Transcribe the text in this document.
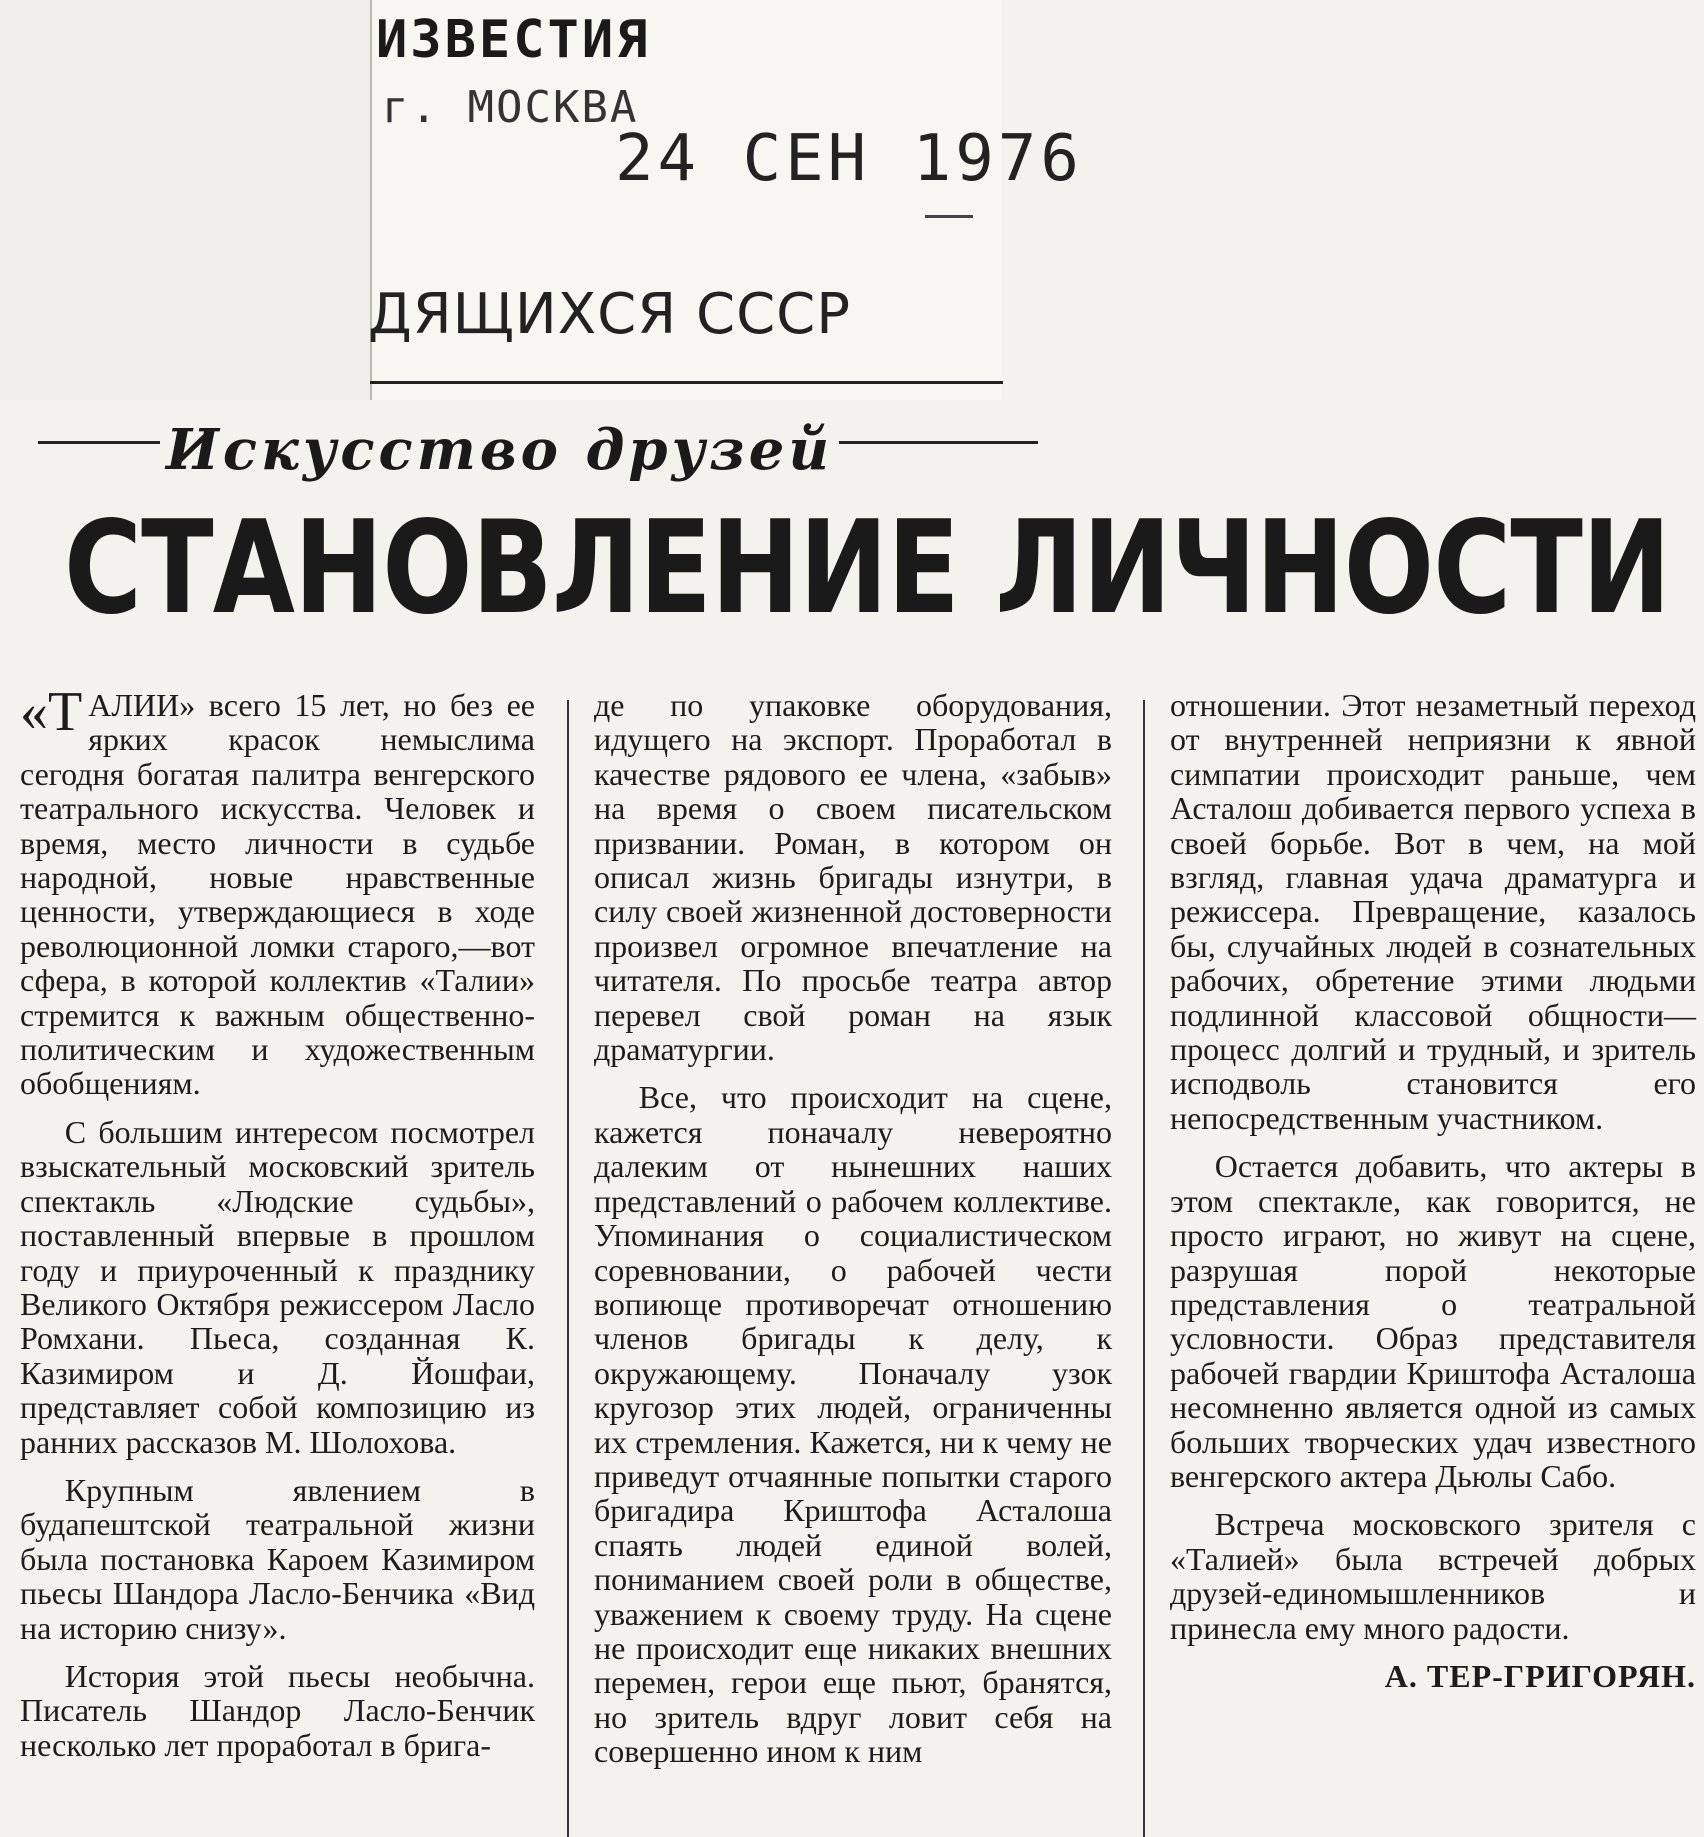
ИЗВЕСТИЯ
г. МОСКВА
24 СЕН 1976
ДЯЩИХСЯ СССР
Искусство друзей
СТАНОВЛЕНИЕ ЛИЧНОСТИ

«ТАЛИИ» всего 15 лет, но без ее ярких красок немыслима сегодня богатая палитра венгерского театрального искусства. Человек и время, место личности в судьбе народной, новые нравственные ценности, утверждающиеся в ходе революционной ломки старого,—вот сфера, в которой коллектив «Талии» стремится к важным общественно-политическим и художественным обобщениям.

С большим интересом посмотрел взыскательный московский зритель спектакль «Людские судьбы», поставленный впервые в прошлом году и приуроченный к празднику Великого Октября режиссером Ласло Ромхани. Пьеса, созданная К. Казимиром и Д. Йошфаи, представляет собой композицию из ранних рассказов М. Шолохова.

Крупным явлением в будапештской театральной жизни была постановка Кароем Казимиром пьесы Шандора Ласло-Бенчика «Вид на историю снизу».

История этой пьесы необычна. Писатель Шандор Ласло-Бенчик несколько лет проработал в брига-

де по упаковке оборудования, идущего на экспорт. Проработал в качестве рядового ее члена, «забыв» на время о своем писательском призвании. Роман, в котором он описал жизнь бригады изнутри, в силу своей жизненной достоверности произвел огромное впечатление на читателя. По просьбе театра автор перевел свой роман на язык драматургии.

Все, что происходит на сцене, кажется поначалу невероятно далеким от нынешних наших представлений о рабочем коллективе. Упоминания о социалистическом соревновании, о рабочей чести вопиюще противоречат отношению членов бригады к делу, к окружающему. Поначалу узок кругозор этих людей, ограниченны их стремления. Кажется, ни к чему не приведут отчаянные попытки старого бригадира Криштофа Асталоша спаять людей единой волей, пониманием своей роли в обществе, уважением к своему труду. На сцене не происходит еще никаких внешних перемен, герои еще пьют, бранятся, но зритель вдруг ловит себя на совершенно ином к ним

отношении. Этот незаметный переход от внутренней неприязни к явной симпатии происходит раньше, чем Асталош добивается первого успеха в своей борьбе. Вот в чем, на мой взгляд, главная удача драматурга и режиссера. Превращение, казалось бы, случайных людей в сознательных рабочих, обретение этими людьми подлинной классовой общности—процесс долгий и трудный, и зритель исподволь становится его непосредственным участником.

Остается добавить, что актеры в этом спектакле, как говорится, не просто играют, но живут на сцене, разрушая порой некоторые представления о театральной условности. Образ представителя рабочей гвардии Криштофа Асталоша несомненно является одной из самых больших творческих удач известного венгерского актера Дьюлы Сабо.

Встреча московского зрителя с «Талией» была встречей добрых друзей-единомышленников и принесла ему много радости.

А. ТЕР-ГРИГОРЯН.
